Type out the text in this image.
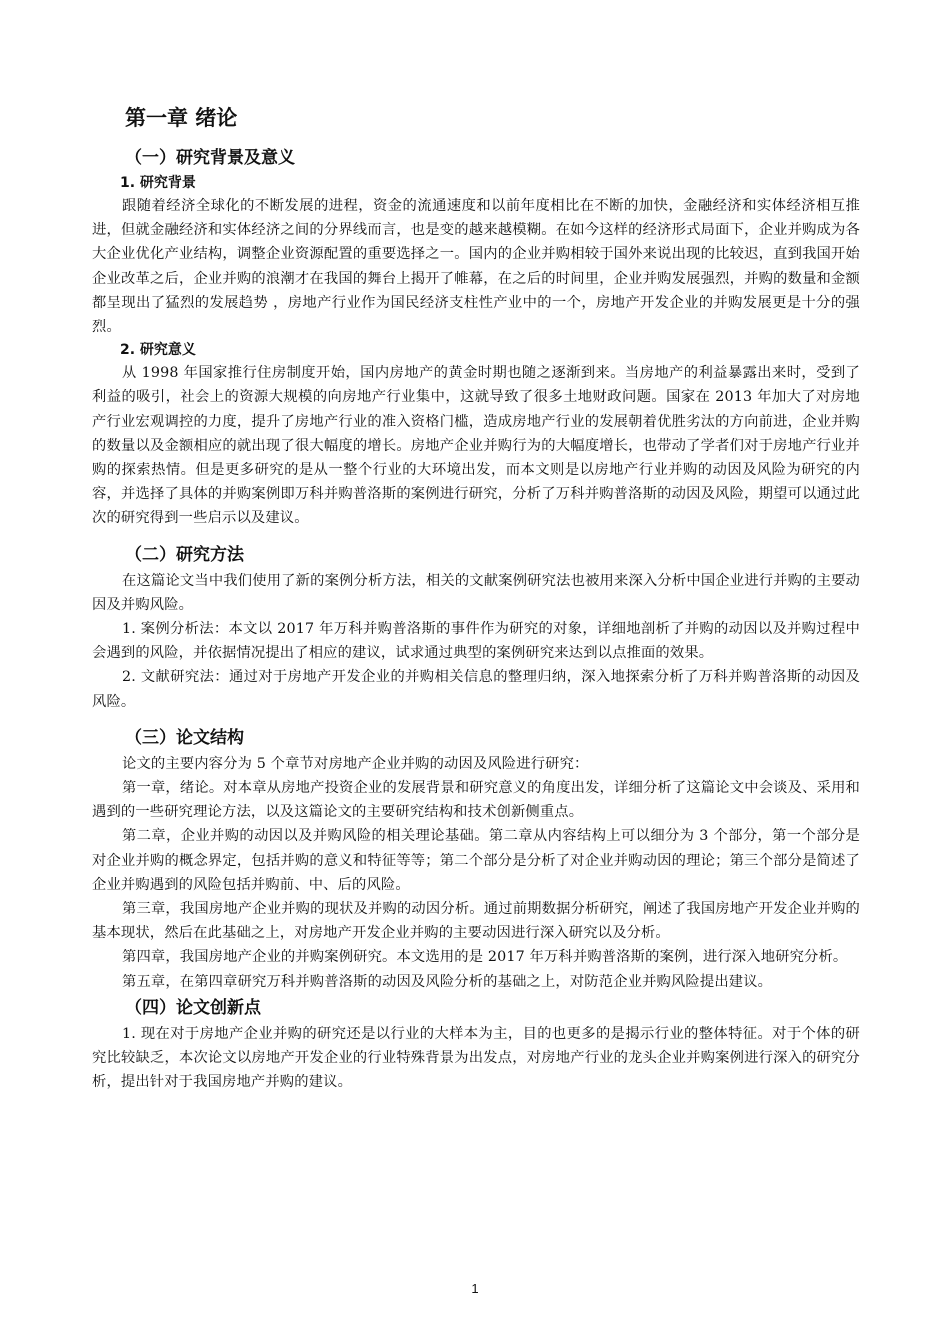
第一章 绪论
（一）研究背景及意义
1. 研究背景

跟随着经济全球化的不断发展的进程，资金的流通速度和以前年度相比在不断的加快，金融经济和实体经济相互推进，但就金融经济和实体经济之间的分界线而言，也是变的越来越模糊。在如今这样的经济形式局面下，企业并购成为各大企业优化产业结构，调整企业资源配置的重要选择之一。国内的企业并购相较于国外来说出现的比较迟，直到我国开始企业改革之后，企业并购的浪潮才在我国的舞台上揭开了帷幕，在之后的时间里，企业并购发展强烈，并购的数量和金额都呈现出了猛烈的发展趋势 ，房地产行业作为国民经济支柱性产业中的一个，房地产开发企业的并购发展更是十分的强烈。

2. 研究意义

从 1998 年国家推行住房制度开始，国内房地产的黄金时期也随之逐渐到来。当房地产的利益暴露出来时，受到了利益的吸引，社会上的资源大规模的向房地产行业集中，这就导致了很多土地财政问题。国家在 2013 年加大了对房地产行业宏观调控的力度，提升了房地产行业的准入资格门槛，造成房地产行业的发展朝着优胜劣汰的方向前进，企业并购的数量以及金额相应的就出现了很大幅度的增长。房地产企业并购行为的大幅度增长，也带动了学者们对于房地产行业并购的探索热情。但是更多研究的是从一整个行业的大环境出发，而本文则是以房地产行业并购的动因及风险为研究的内容，并选择了具体的并购案例即万科并购普洛斯的案例进行研究，分析了万科并购普洛斯的动因及风险，期望可以通过此次的研究得到一些启示以及建议。

（二）研究方法

在这篇论文当中我们使用了新的案例分析方法，相关的文献案例研究法也被用来深入分析中国企业进行并购的主要动因及并购风险。

1. 案例分析法：本文以 2017 年万科并购普洛斯的事件作为研究的对象，详细地剖析了并购的动因以及并购过程中会遇到的风险，并依据情况提出了相应的建议，试求通过典型的案例研究来达到以点推面的效果。

2. 文献研究法：通过对于房地产开发企业的并购相关信息的整理归纳，深入地探索分析了万科并购普洛斯的动因及风险。

（三）论文结构

论文的主要内容分为 5 个章节对房地产企业并购的动因及风险进行研究：

第一章，绪论。对本章从房地产投资企业的发展背景和研究意义的角度出发，详细分析了这篇论文中会谈及、采用和遇到的一些研究理论方法，以及这篇论文的主要研究结构和技术创新侧重点。

第二章，企业并购的动因以及并购风险的相关理论基础。第二章从内容结构上可以细分为 3 个部分，第一个部分是对企业并购的概念界定，包括并购的意义和特征等等；第二个部分是分析了对企业并购动因的理论；第三个部分是简述了企业并购遇到的风险包括并购前、中、后的风险。

第三章，我国房地产企业并购的现状及并购的动因分析。通过前期数据分析研究，阐述了我国房地产开发企业并购的基本现状，然后在此基础之上，对房地产开发企业并购的主要动因进行深入研究以及分析。

第四章，我国房地产企业的并购案例研究。本文选用的是 2017 年万科并购普洛斯的案例，进行深入地研究分析。

第五章，在第四章研究万科并购普洛斯的动因及风险分析的基础之上，对防范企业并购风险提出建议。

（四）论文创新点

1. 现在对于房地产企业并购的研究还是以行业的大样本为主，目的也更多的是揭示行业的整体特征。对于个体的研究比较缺乏，本次论文以房地产开发企业的行业特殊背景为出发点，对房地产行业的龙头企业并购案例进行深入的研究分析，提出针对于我国房地产并购的建议。

1
